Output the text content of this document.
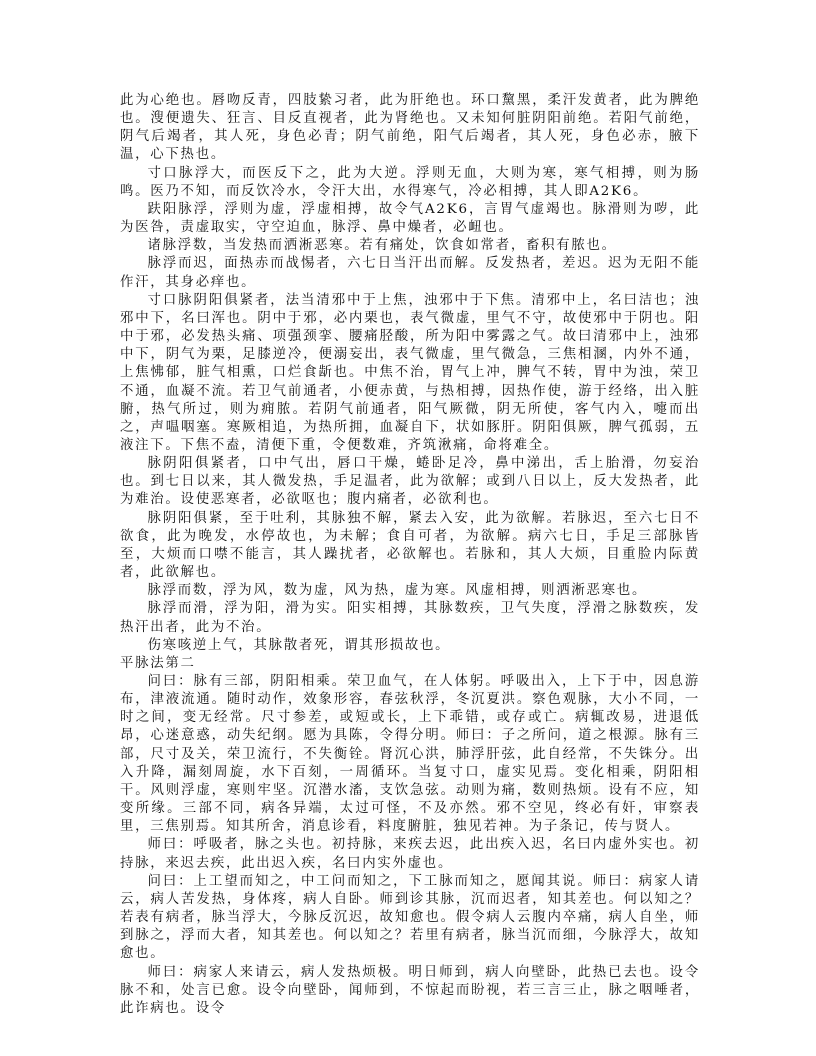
此为心绝也。唇吻反青，四肢絷习者，此为肝绝也。环口黧黑，柔汗发黄者，此为脾绝也。溲便遗失、狂言、目反直视者，此为肾绝也。又未知何脏阴阳前绝。若阳气前绝，阴气后竭者，其人死，身色必青；阴气前绝，阳气后竭者，其人死，身色必赤，腋下温，心下热也。

寸口脉浮大，而医反下之，此为大逆。浮则无血，大则为寒，寒气相搏，则为肠鸣。医乃不知，而反饮冷水，令汗大出，水得寒气，冷必相搏，其人即A2K6。

趺阳脉浮，浮则为虚，浮虚相搏，故令气A2K6，言胃气虚竭也。脉滑则为哕，此为医咎，责虚取实，守空迫血，脉浮、鼻中燥者，必衄也。

诸脉浮数，当发热而洒淅恶寒。若有痛处，饮食如常者，畜积有脓也。

脉浮而迟，面热赤而战惕者，六七日当汗出而解。反发热者，差迟。迟为无阳不能作汗，其身必痒也。

寸口脉阴阳俱紧者，法当清邪中于上焦，浊邪中于下焦。清邪中上，名曰洁也；浊邪中下，名曰浑也。阴中于邪，必内栗也，表气微虚，里气不守，故使邪中于阴也。阳中于邪，必发热头痛、项强颈挛、腰痛胫酸，所为阳中雾露之气。故曰清邪中上，浊邪中下，阴气为栗，足膝逆冷，便溺妄出，表气微虚，里气微急，三焦相溷，内外不通，上焦怫郁，脏气相熏，口烂食龂也。中焦不治，胃气上冲，脾气不转，胃中为浊，荣卫不通，血凝不流。若卫气前通者，小便赤黄，与热相搏，因热作使，游于经络，出入脏腑，热气所过，则为痈脓。若阴气前通者，阳气厥微，阴无所使，客气内入，嚏而出之，声嗢咽塞。寒厥相追，为热所拥，血凝自下，状如豚肝。阴阳俱厥，脾气孤弱，五液注下。下焦不盍，清便下重，令便数难，齐筑湫痛，命将难全。

脉阴阳俱紧者，口中气出，唇口干燥，蜷卧足冷，鼻中涕出，舌上胎滑，勿妄治也。到七日以来，其人微发热，手足温者，此为欲解；或到八日以上，反大发热者，此为难治。设使恶寒者，必欲呕也；腹内痛者，必欲利也。

脉阴阳俱紧，至于吐利，其脉独不解，紧去入安，此为欲解。若脉迟，至六七日不欲食，此为晚发，水停故也，为未解；食自可者，为欲解。病六七日，手足三部脉皆至，大烦而口噤不能言，其人躁扰者，必欲解也。若脉和，其人大烦，目重脸内际黄者，此欲解也。

脉浮而数，浮为风，数为虚，风为热，虚为寒。风虚相搏，则洒淅恶寒也。

脉浮而滑，浮为阳，滑为实。阳实相搏，其脉数疾，卫气失度，浮滑之脉数疾，发热汗出者，此为不治。

伤寒咳逆上气，其脉散者死，谓其形损故也。

平脉法第二

问曰：脉有三部，阴阳相乘。荣卫血气，在人体躬。呼吸出入，上下于中，因息游布，津液流通。随时动作，效象形容，春弦秋浮，冬沉夏洪。察色观脉，大小不同，一时之间，变无经常。尺寸参差，或短或长，上下乖错，或存或亡。病辄改易，进退低昂，心迷意惑，动失纪纲。愿为具陈，令得分明。师曰：子之所问，道之根源。脉有三部，尺寸及关，荣卫流行，不失衡铨。肾沉心洪，肺浮肝弦，此自经常，不失铢分。出入升降，漏刻周旋，水下百刻，一周循环。当复寸口，虚实见焉。变化相乘，阴阳相干。风则浮虚，寒则牢坚。沉潜水滀，支饮急弦。动则为痛，数则热烦。设有不应，知变所缘。三部不同，病各异端，太过可怪，不及亦然。邪不空见，终必有奸，审察表里，三焦别焉。知其所舍，消息诊看，料度腑脏，独见若神。为子条记，传与贤人。

师曰：呼吸者，脉之头也。初持脉，来疾去迟，此出疾入迟，名曰内虚外实也。初持脉，来迟去疾，此出迟入疾，名曰内实外虚也。

问曰：上工望而知之，中工问而知之，下工脉而知之，愿闻其说。师曰：病家人请云，病人苦发热，身体疼，病人自卧。师到诊其脉，沉而迟者，知其差也。何以知之？若表有病者，脉当浮大，今脉反沉迟，故知愈也。假令病人云腹内卒痛，病人自坐，师到脉之，浮而大者，知其差也。何以知之？若里有病者，脉当沉而细，今脉浮大，故知愈也。

师曰：病家人来请云，病人发热烦极。明日师到，病人向壁卧，此热已去也。设令脉不和，处言已愈。设令向壁卧，闻师到，不惊起而盼视，若三言三止，脉之咽唾者，此诈病也。设令
